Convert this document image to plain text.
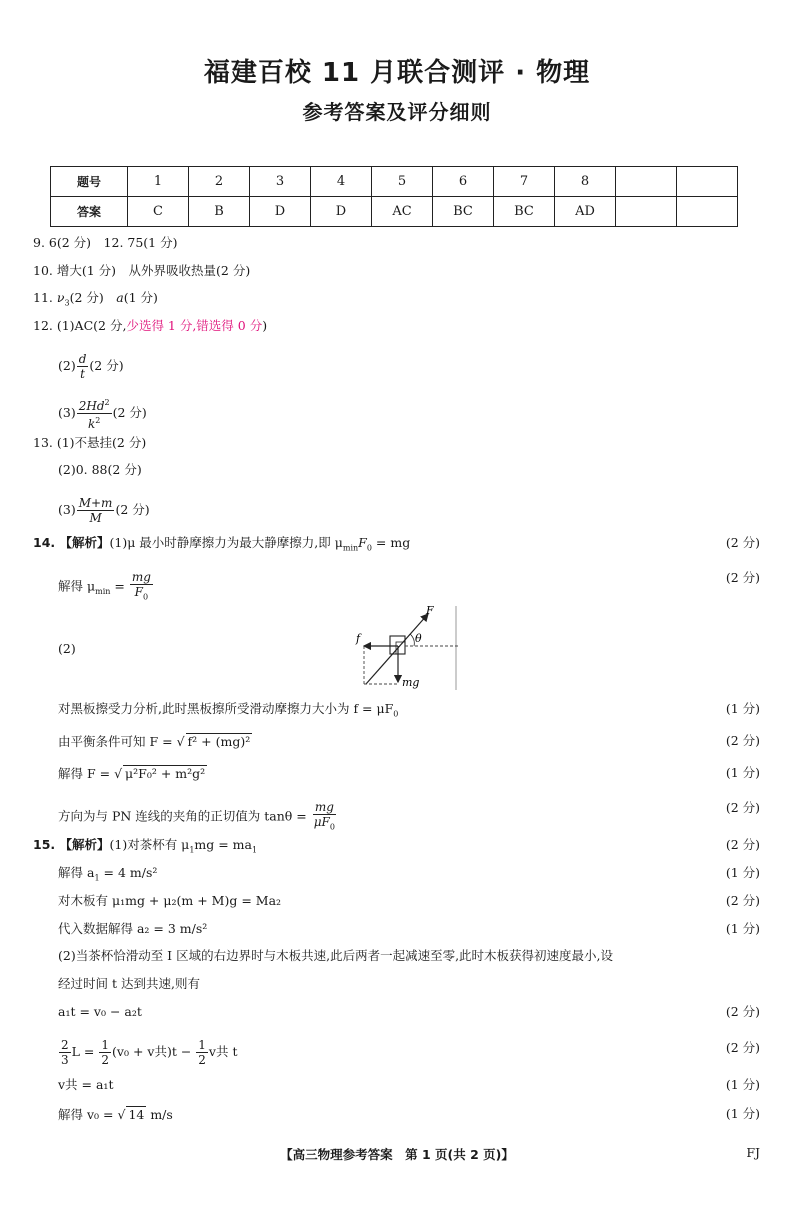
福建百校 11 月联合测评 · 物理
参考答案及评分细则
题号	1	2	3	4	5	6	7	8		
答案	C	B	D	D	AC	BC	BC	AD		
9. 6(2 分)　12. 75(1 分)
10. 增大(1 分)　从外界吸收热量(2 分)
11. $\nu_3(2$ 分)　a(1 分)
12. (1)AC(2 分,少选得 1 分,错选得 0 分)
$(2) \frac{d}{t} (2$ 分)
$(3) \frac{2Hd^2}{k^2} (2$ 分)
13. (1)不悬挂(2 分)
(2)0. 88(2 分)
$(3) \frac{M+m}{M} (2$ 分)
14. 【解析】(1)μ 最小时静摩擦力为最大静摩擦力,即 $\mu_{min}F_0$ = mg	(2 分)
解得 $\mu_{min} = \frac{mg}{F_0}$	(2 分)
(2)
F
f	θ
mg
对黑板擦受力分析,此时黑板擦所受滑动摩擦力大小为 $f = \mu F_0$	(1 分)
由平衡条件可知 F = √ f² + (mg)²	(2 分)
解得 F = √ μ²F₀² + m²g²	(1 分)
方向为与 PN 连线的夹角的正切值为 $\tan\theta = \frac{mg}{\mu F_0}$	(2 分)
15. 【解析】(1)对茶杯有 $\mu_1mg = ma_1$	(2 分)
解得 $a_1 = 4$ m/s²	(1 分)
对木板有 μ₁mg + μ₂(m + M)g = Ma₂	(2 分)
代入数据解得 a₂ = 3 m/s²	(1 分)
(2)当茶杯恰滑动至 I 区域的右边界时与木板共速,此后两者一起减速至零,此时木板获得初速度最小,设
经过时间 t 达到共速,则有
a₁t = v₀ − a₂t	(2 分)
$\frac{2}{3}$ $L = \frac{1}{2} (v_0 + v$共)$t - \frac{1}{2}$ v共 t	(2 分)
v共 = a₁t	(1 分)
解得 v₀ = √ 14 m/s	(1 分)
【高三物理参考答案　第 1 页(共 2 页)】	FJ
